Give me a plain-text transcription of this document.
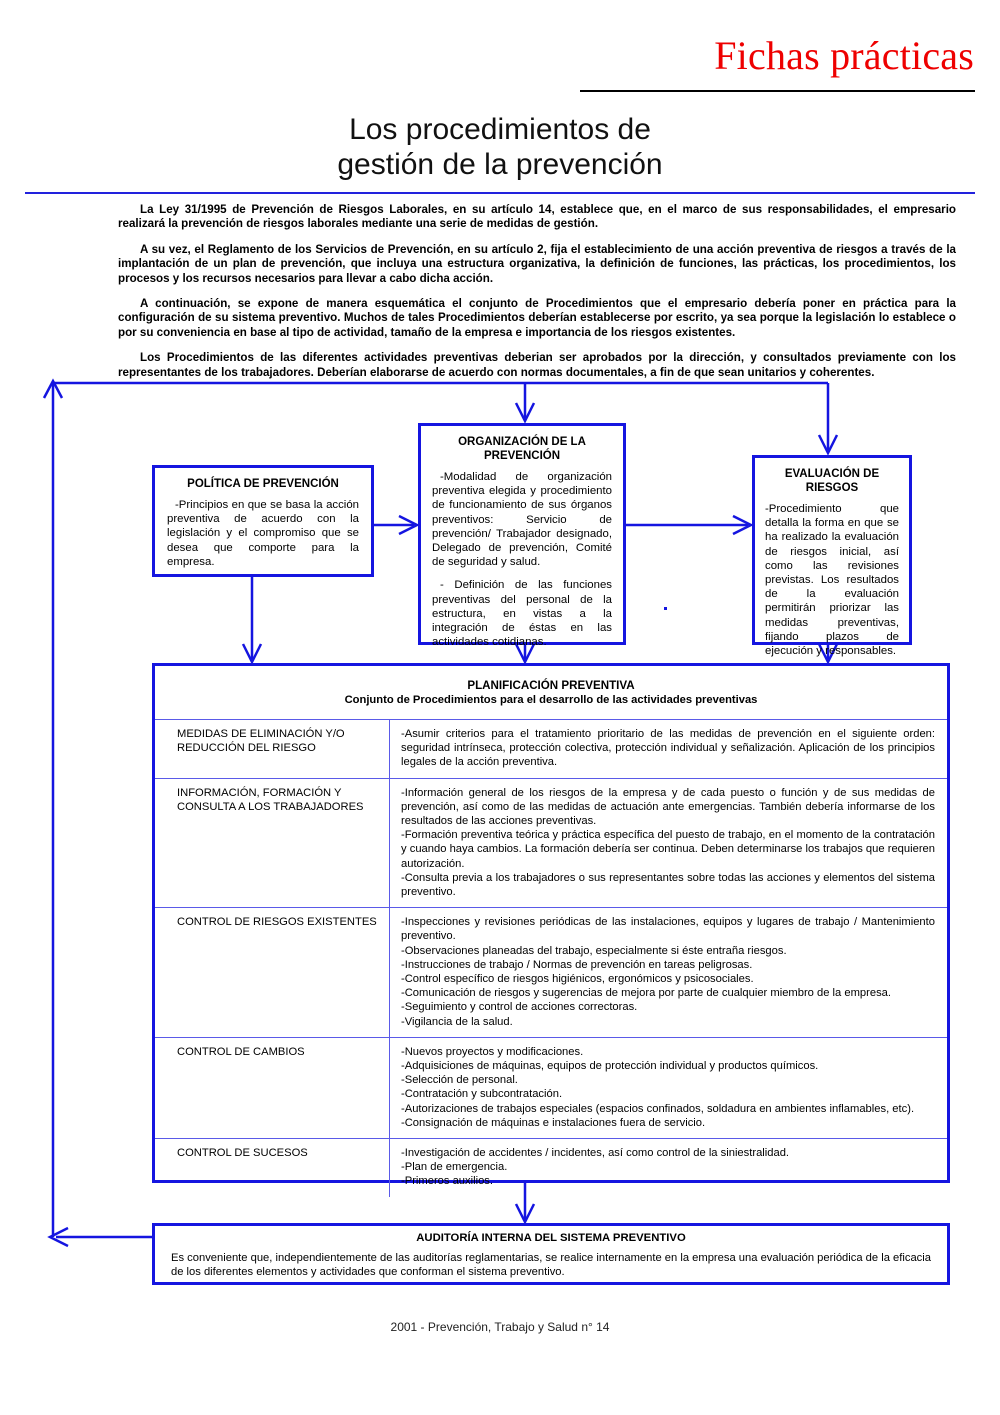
Fichas prácticas
Los procedimientos de
gestión de la prevención

La Ley 31/1995 de Prevención de Riesgos Laborales, en su artículo 14, establece que, en el marco de sus responsabilidades, el empresario realizará la prevención de riesgos laborales mediante una serie de medidas de gestión.

A su vez, el Reglamento de los Servicios de Prevención, en su artículo 2, fija el establecimiento de una acción preventiva de riesgos a través de la implantación de un plan de prevención, que incluya una estructura organizativa, la definición de funciones, las prácticas, los procedimientos, los procesos y los recursos necesarios para llevar a cabo dicha acción.

A continuación, se expone de manera esquemática el conjunto de Procedimientos que el empresario debería poner en práctica para la configuración de su sistema preventivo. Muchos de tales Procedimientos deberían establecerse por escrito, ya sea porque la legislación lo establece o por su conveniencia en base al tipo de actividad, tamaño de la empresa e importancia de los riesgos existentes.

Los Procedimientos de las diferentes actividades preventivas deberian ser aprobados por la dirección, y consultados previamente con los representantes de los trabajadores. Deberían elaborarse de acuerdo con normas documentales, a fin de que sean unitarios y coherentes.

POLÍTICA DE PREVENCIÓN

-Principios en que se basa la acción preventiva de acuerdo con la legislación y el compromiso que se desea que comporte para la empresa.

ORGANIZACIÓN DE LA
PREVENCIÓN

-Modalidad de organización preventiva elegida y procedimiento de funcionamiento de sus órganos preventivos: Servicio de prevención/ Trabajador designado, Delegado de prevención, Comité de seguridad y salud.

- Definición de las funciones preventivas del personal de la estructura, en vistas a la integración de éstas en las actividades cotidianas.

EVALUACIÓN DE
RIESGOS

-Procedimiento que detalla la forma en que se ha realizado la evaluación de riesgos inicial, así como las revisiones previstas. Los resultados de la evaluación permitirán priorizar las medidas preventivas, fijando plazos de ejecución y responsables.

PLANIFICACIÓN PREVENTIVA
Conjunto de Procedimientos para el desarrollo de las actividades preventivas
MEDIDAS DE ELIMINACIÓN Y/O REDUCCIÓN DEL RIESGO	-Asumir criterios para el tratamiento prioritario de las medidas de prevención en el siguiente orden: seguridad intrínseca, protección colectiva, protección individual y señalización. Aplicación de los principios legales de la acción preventiva.

INFORMACIÓN, FORMACIÓN Y CONSULTA A LOS TRABAJADORES	-Información general de los riesgos de la empresa y de cada puesto o función y de sus medidas de prevención, así como de las medidas de actuación ante emergencias. También debería informarse de los resultados de las acciones preventivas.
-Formación preventiva teórica y práctica específica del puesto de trabajo, en el momento de la contratación y cuando haya cambios. La formación debería ser continua. Deben determinarse los trabajos que requieren autorización.
-Consulta previa a los trabajadores o sus representantes sobre todas las acciones y elementos del sistema preventivo.

CONTROL DE RIESGOS EXISTENTES	-Inspecciones y revisiones periódicas de las instalaciones, equipos y lugares de trabajo / Mantenimiento preventivo.
-Observaciones planeadas del trabajo, especialmente si éste entraña riesgos.
-Instrucciones de trabajo / Normas de prevención en tareas peligrosas.
-Control específico de riesgos higiénicos, ergonómicos y psicosociales.
-Comunicación de riesgos y sugerencias de mejora por parte de cualquier miembro de la empresa.
-Seguimiento y control de acciones correctoras.
-Vigilancia de la salud.

CONTROL DE CAMBIOS	-Nuevos proyectos y modificaciones.
-Adquisiciones de máquinas, equipos de protección individual y productos químicos.
-Selección de personal.
-Contratación y subcontratación.
-Autorizaciones de trabajos especiales (espacios confinados, soldadura en ambientes inflamables, etc).
-Consignación de máquinas e instalaciones fuera de servicio.

CONTROL DE SUCESOS	-Investigación de accidentes / incidentes, así como control de la siniestralidad.
-Plan de emergencia.
-Primeros auxilios.
AUDITORÍA INTERNA DEL SISTEMA PREVENTIVO
Es conveniente que, independientemente de las auditorías reglamentarias, se realice internamente en la empresa una evaluación periódica de la eficacia de los diferentes elementos y actividades que conforman el sistema preventivo.
2001 - Prevención, Trabajo y Salud n° 14
